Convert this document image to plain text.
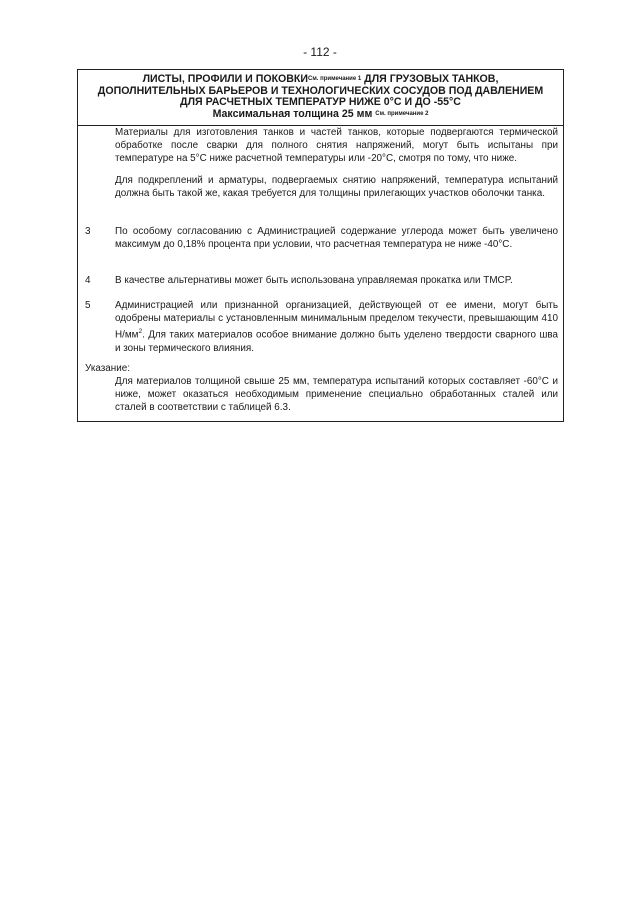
- 112 -
ЛИСТЫ, ПРОФИЛИ И $ПОКОВКИ^{См. примечание 1}$ ДЛЯ ГРУЗОВЫХ ТАНКОВ,
ДОПОЛНИТЕЛЬНЫХ БАРЬЕРОВ И ТЕХНОЛОГИЧЕСКИХ СОСУДОВ ПОД ДАВЛЕНИЕМ
ДЛЯ РАСЧЕТНЫХ ТЕМПЕРАТУР НИЖЕ 0°C И ДО -55°C
Максимальная толщина 25 мм $^{См. примечание 2}$
Материалы для изготовления танков и частей танков, которые подвергаются термической обработке после сварки для полного снятия напряжений, могут быть испытаны при температуре на 5°C ниже расчетной температуры или -20°C, смотря по тому, что ниже.
Для подкреплений и арматуры, подвергаемых снятию напряжений, температура испытаний должна быть такой же, какая требуется для толщины прилегающих участков оболочки танка.
3 По особому согласованию с Администрацией содержание углерода может быть увеличено максимум до 0,18% процента при условии, что расчетная температура не ниже -40°C.
4 В качестве альтернативы может быть использована управляемая прокатка или TMCP.
5 Администрацией или признанной организацией, действующей от ее имени, могут быть одобрены материалы с установленным минимальным пределом текучести, превышающим 410 $Н/мм^2$. Для таких материалов особое внимание должно быть уделено твердости сварного шва и зоны термического влияния.
Указание:
Для материалов толщиной свыше 25 мм, температура испытаний которых составляет -60°C и ниже, может оказаться необходимым применение специально обработанных сталей или сталей в соответствии с таблицей 6.3.
